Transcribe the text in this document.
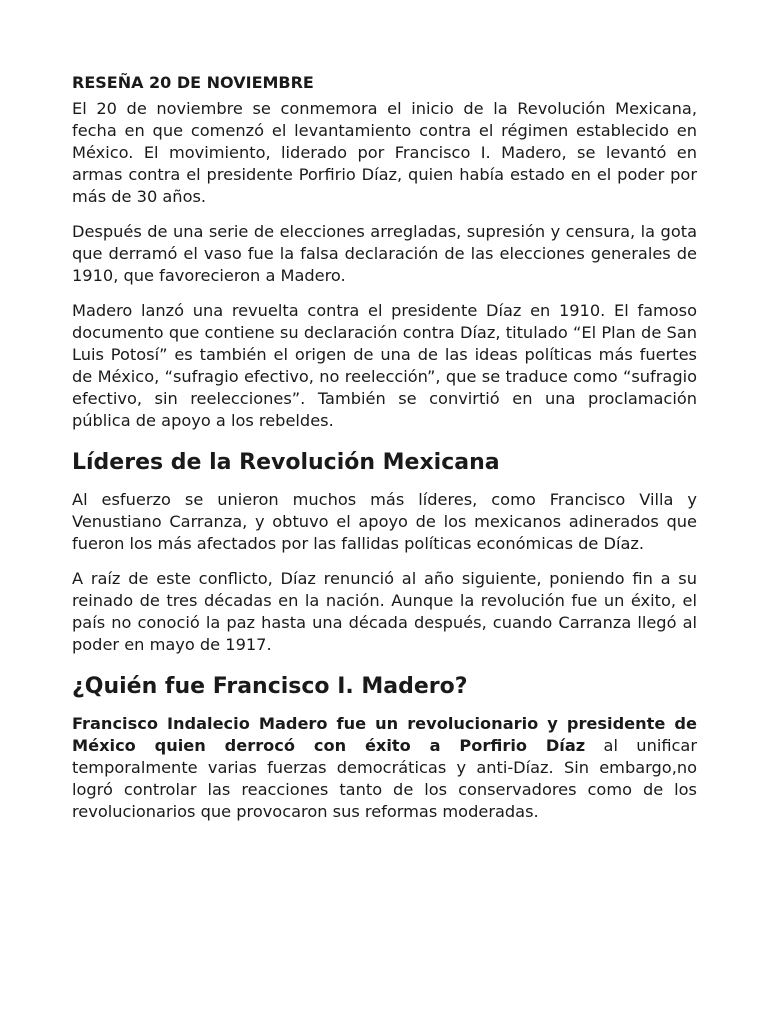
RESEÑA 20 DE NOVIEMBRE

El 20 de noviembre se conmemora el inicio de la Revolución Mexicana, fecha en que comenzó el levantamiento contra el régimen establecido en México. El movimiento, liderado por Francisco I. Madero, se levantó en armas contra el presidente Porfirio Díaz, quien había estado en el poder por más de 30 años.

Después de una serie de elecciones arregladas, supresión y censura, la gota que derramó el vaso fue la falsa declaración de las elecciones generales de 1910, que favorecieron a Madero.

Madero lanzó una revuelta contra el presidente Díaz en 1910. El famoso documento que contiene su declaración contra Díaz, titulado “El Plan de San Luis Potosí” es también el origen de una de las ideas políticas más fuertes de México, “sufragio efectivo, no reelección”, que se traduce como “sufragio efectivo, sin reelecciones”. También se convirtió en una proclamación pública de apoyo a los rebeldes.

Líderes de la Revolución Mexicana

Al esfuerzo se unieron muchos más líderes, como Francisco Villa y Venustiano Carranza, y obtuvo el apoyo de los mexicanos adinerados que fueron los más afectados por las fallidas políticas económicas de Díaz.

A raíz de este conflicto, Díaz renunció al año siguiente, poniendo fin a su reinado de tres décadas en la nación. Aunque la revolución fue un éxito, el país no conoció la paz hasta una década después, cuando Carranza llegó al poder en mayo de 1917.

¿Quién fue Francisco I. Madero?

Francisco Indalecio Madero fue un revolucionario y presidente de México quien derrocó con éxito a Porfirio Díaz al unificar temporalmente varias fuerzas democráticas y anti-Díaz. Sin embargo,no logró controlar las reacciones tanto de los conservadores como de los revolucionarios que provocaron sus reformas moderadas.
